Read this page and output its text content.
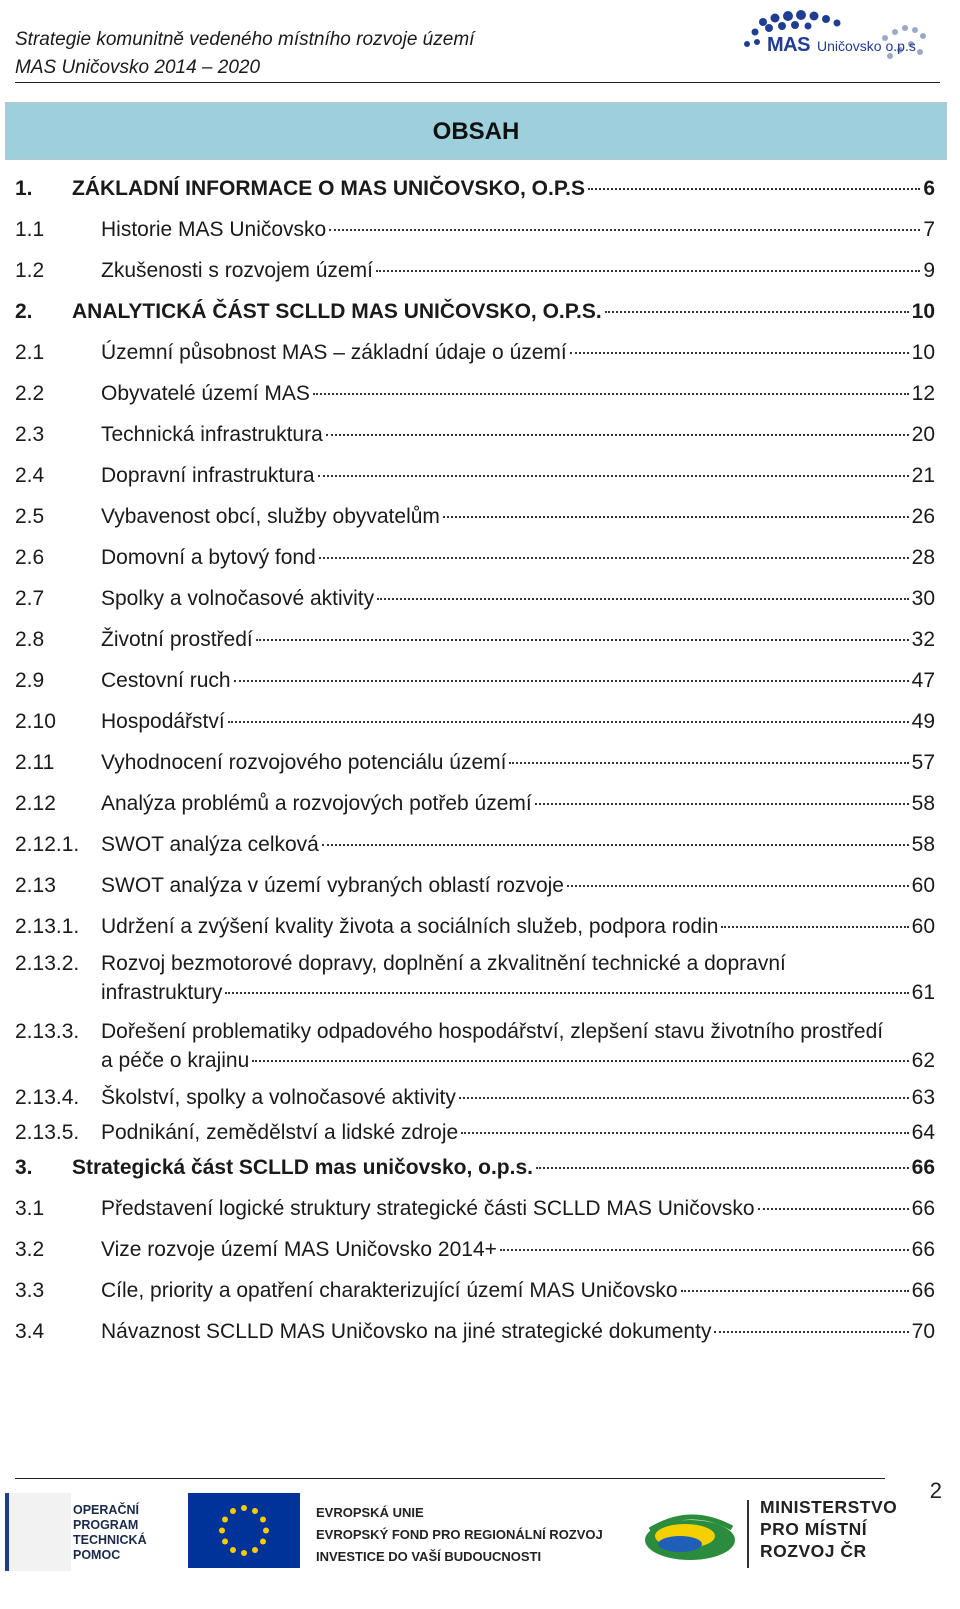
Strategie komunitně vedeného místního rozvoje území
MAS Uničovsko 2014 – 2020
MAS Uničovsko o.p.s
OBSAH
1.	ZÁKLADNÍ INFORMACE O MAS UNIČOVSKO, O.P.S	6
1.1	Historie MAS Uničovsko	7
1.2	Zkušenosti s rozvojem území	9
2.	ANALYTICKÁ ČÁST SCLLD MAS UNIČOVSKO, O.P.S.	10
2.1	Územní působnost MAS – základní údaje o území	10
2.2	Obyvatelé území MAS	12
2.3	Technická infrastruktura	20
2.4	Dopravní infrastruktura	21
2.5	Vybavenost obcí, služby obyvatelům	26
2.6	Domovní a bytový fond	28
2.7	Spolky a volnočasové aktivity	30
2.8	Životní prostředí	32
2.9	Cestovní ruch	47
2.10	Hospodářství	49
2.11	Vyhodnocení rozvojového potenciálu území	57
2.12	Analýza problémů a rozvojových potřeb území	58
2.12.1.	SWOT analýza celková	58
2.13	SWOT analýza v území vybraných oblastí rozvoje	60
2.13.1.	Udržení a zvýšení kvality života a sociálních služeb, podpora rodin	60
2.13.2.	Rozvoj bezmotorové dopravy, doplnění a zkvalitnění technické a dopravní
infrastruktury	61
2.13.3.	Dořešení problematiky odpadového hospodářství, zlepšení stavu životního prostředí
a péče o krajinu	62
2.13.4.	Školství, spolky a volnočasové aktivity	63
2.13.5.	Podnikání, zemědělství a lidské zdroje	64
3.	Strategická část SCLLD mas uničovsko, o.p.s.	66
3.1	Představení logické struktury strategické části SCLLD MAS Uničovsko	66
3.2	Vize rozvoje území MAS Uničovsko 2014+	66
3.3	Cíle, priority a opatření charakterizující území MAS Uničovsko	66
3.4	Návaznost SCLLD MAS Uničovsko na jiné strategické dokumenty	70
2
OPERAČNÍ
PROGRAM
TECHNICKÁ
POMOC
EVROPSKÁ UNIE
EVROPSKÝ FOND PRO REGIONÁLNÍ ROZVOJ
INVESTICE DO VAŠÍ BUDOUCNOSTI
MINISTERSTVO
PRO MÍSTNÍ
ROZVOJ ČR
